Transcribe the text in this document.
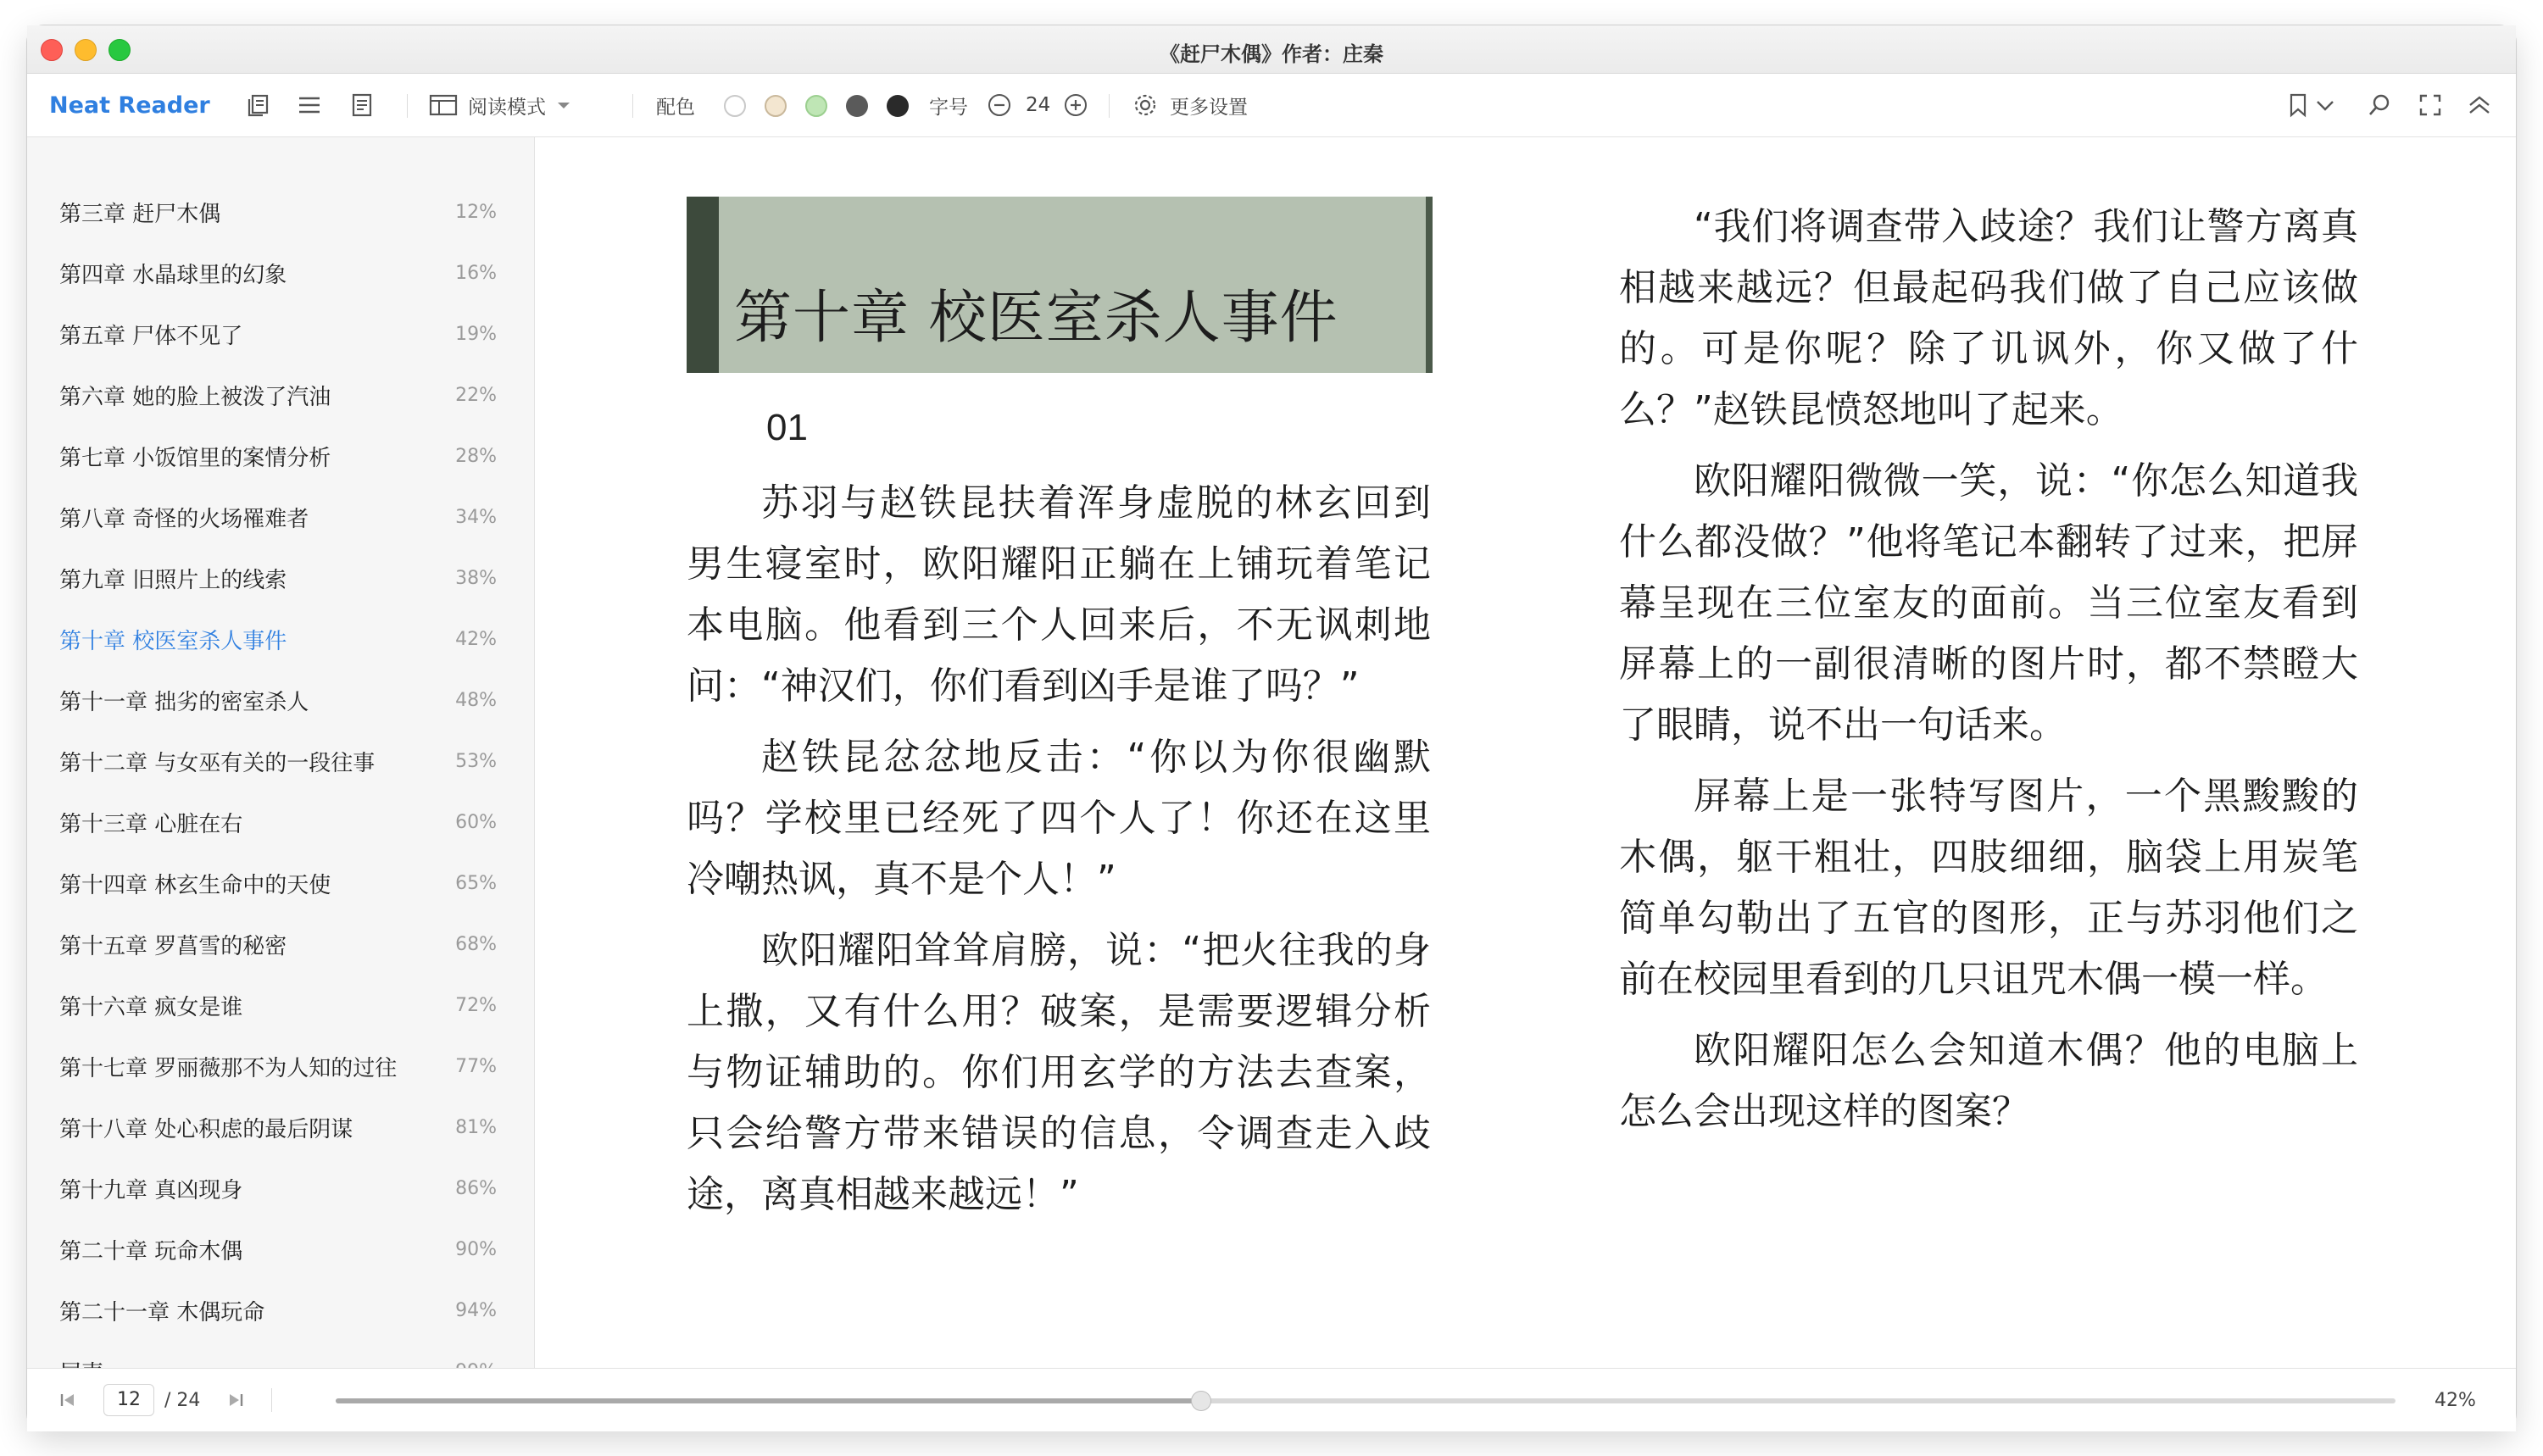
《赶尸木偶》作者：庄秦
Neat Reader	阅读模式	配色	字号	24	更多设置
第三章 赶尸木偶	12%
第四章 水晶球里的幻象	16%
第五章 尸体不见了	19%
第六章 她的脸上被泼了汽油	22%
第七章 小饭馆里的案情分析	28%
第八章 奇怪的火场罹难者	34%
第九章 旧照片上的线索	38%
第十章 校医室杀人事件	42%
第十一章 拙劣的密室杀人	48%
第十二章 与女巫有关的一段往事	53%
第十三章 心脏在右	60%
第十四章 林玄生命中的天使	65%
第十五章 罗菖雪的秘密	68%
第十六章 疯女是谁	72%
第十七章 罗丽薇那不为人知的过往	77%
第十八章 处心积虑的最后阴谋	81%
第十九章 真凶现身	86%
第二十章 玩命木偶	90%
第二十一章 木偶玩命	94%
第十章 校医室杀人事件
01

苏羽与赵铁昆扶着浑身虚脱的林玄回到男生寝室时，欧阳耀阳正躺在上铺玩着笔记本电脑。他看到三个人回来后，不无讽刺地问：“神汉们，你们看到凶手是谁了吗？”

赵铁昆忿忿地反击：“你以为你很幽默吗？学校里已经死了四个人了！你还在这里冷嘲热讽，真不是个人！”

欧阳耀阳耸耸肩膀，说：“把火往我的身上撒，又有什么用？破案，是需要逻辑分析与物证辅助的。你们用玄学的方法去查案，只会给警方带来错误的信息，令调查走入歧途，离真相越来越远！”

“我们将调查带入歧途？我们让警方离真相越来越远？但最起码我们做了自己应该做的。可是你呢？除了讥讽外，你又做了什么？”赵铁昆愤怒地叫了起来。

欧阳耀阳微微一笑，说：“你怎么知道我什么都没做？”他将笔记本翻转了过来，把屏幕呈现在三位室友的面前。当三位室友看到屏幕上的一副很清晰的图片时，都不禁瞪大了眼睛，说不出一句话来。

屏幕上是一张特写图片，一个黑黢黢的木偶，躯干粗壮，四肢细细，脑袋上用炭笔简单勾勒出了五官的图形，正与苏羽他们之前在校园里看到的几只诅咒木偶一模一样。

欧阳耀阳怎么会知道木偶？他的电脑上怎么会出现这样的图案？

12	/ 24	42%
